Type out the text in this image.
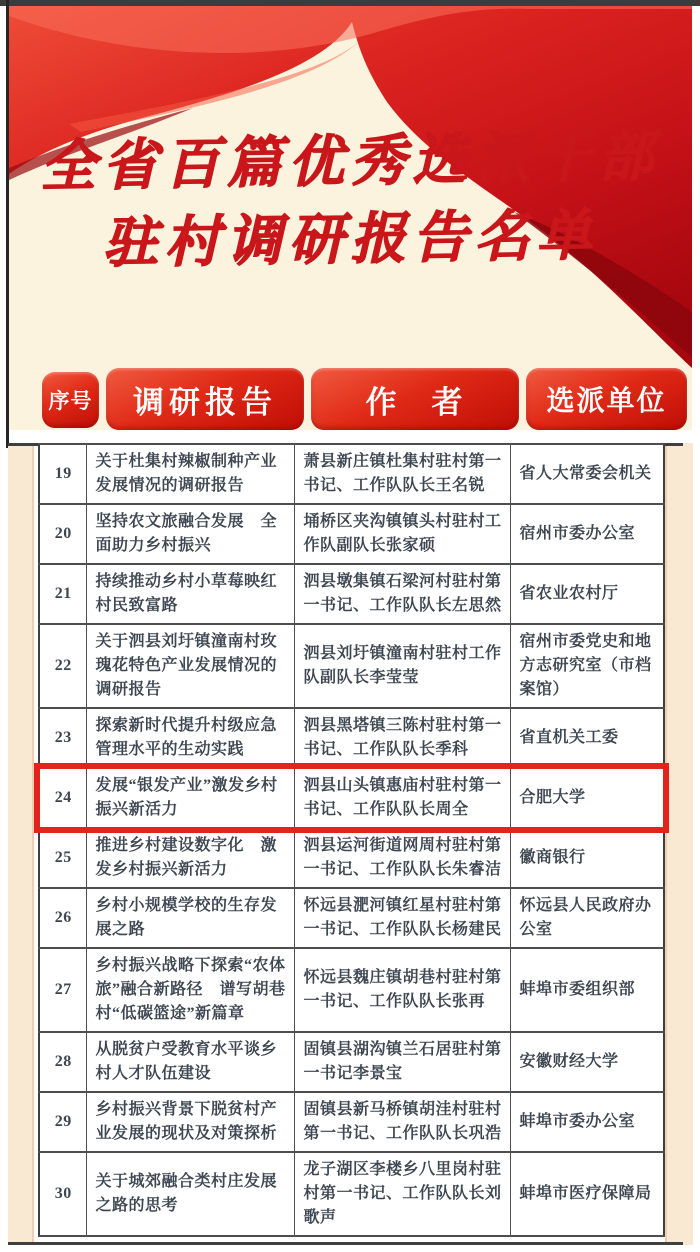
全省百篇优秀选派干部
驻村调研报告名单
序号	调研报告	作　者	选派单位
19	关于杜集村辣椒制种产业发展情况的调研报告	萧县新庄镇杜集村驻村第一书记、工作队队长王名锐	省人大常委会机关
20	坚持农文旅融合发展　全面助力乡村振兴	埇桥区夹沟镇镇头村驻村工作队副队长张家硕	宿州市委办公室
21	持续推动乡村小草莓映红村民致富路	泗县墩集镇石梁河村驻村第一书记、工作队队长左思然	省农业农村厅
22	关于泗县刘圩镇潼南村玫瑰花特色产业发展情况的调研报告	泗县刘圩镇潼南村驻村工作队副队长李莹莹	宿州市委党史和地方志研究室（市档案馆）
23	探索新时代提升村级应急管理水平的生动实践	泗县黑塔镇三陈村驻村第一书记、工作队队长季科	省直机关工委
24	发展“银发产业”激发乡村振兴新活力	泗县山头镇惠庙村驻村第一书记、工作队队长周全	合肥大学
25	推进乡村建设数字化　激发乡村振兴新活力	泗县运河街道网周村驻村第一书记、工作队队长朱睿洁	徽商银行
26	乡村小规模学校的生存发展之路	怀远县淝河镇红星村驻村第一书记、工作队队长杨建民	怀远县人民政府办公室
27	乡村振兴战略下探索“农体旅”融合新路径　谱写胡巷村“低碳篮途”新篇章	怀远县魏庄镇胡巷村驻村第一书记、工作队队长张再	蚌埠市委组织部
28	从脱贫户受教育水平谈乡村人才队伍建设	固镇县湖沟镇兰石居驻村第一书记李景宝	安徽财经大学
29	乡村振兴背景下脱贫村产业发展的现状及对策探析	固镇县新马桥镇胡洼村驻村第一书记、工作队队长巩浩	蚌埠市委办公室
30	关于城郊融合类村庄发展之路的思考	龙子湖区李楼乡八里岗村驻村第一书记、工作队队长刘歌声	蚌埠市医疗保障局
